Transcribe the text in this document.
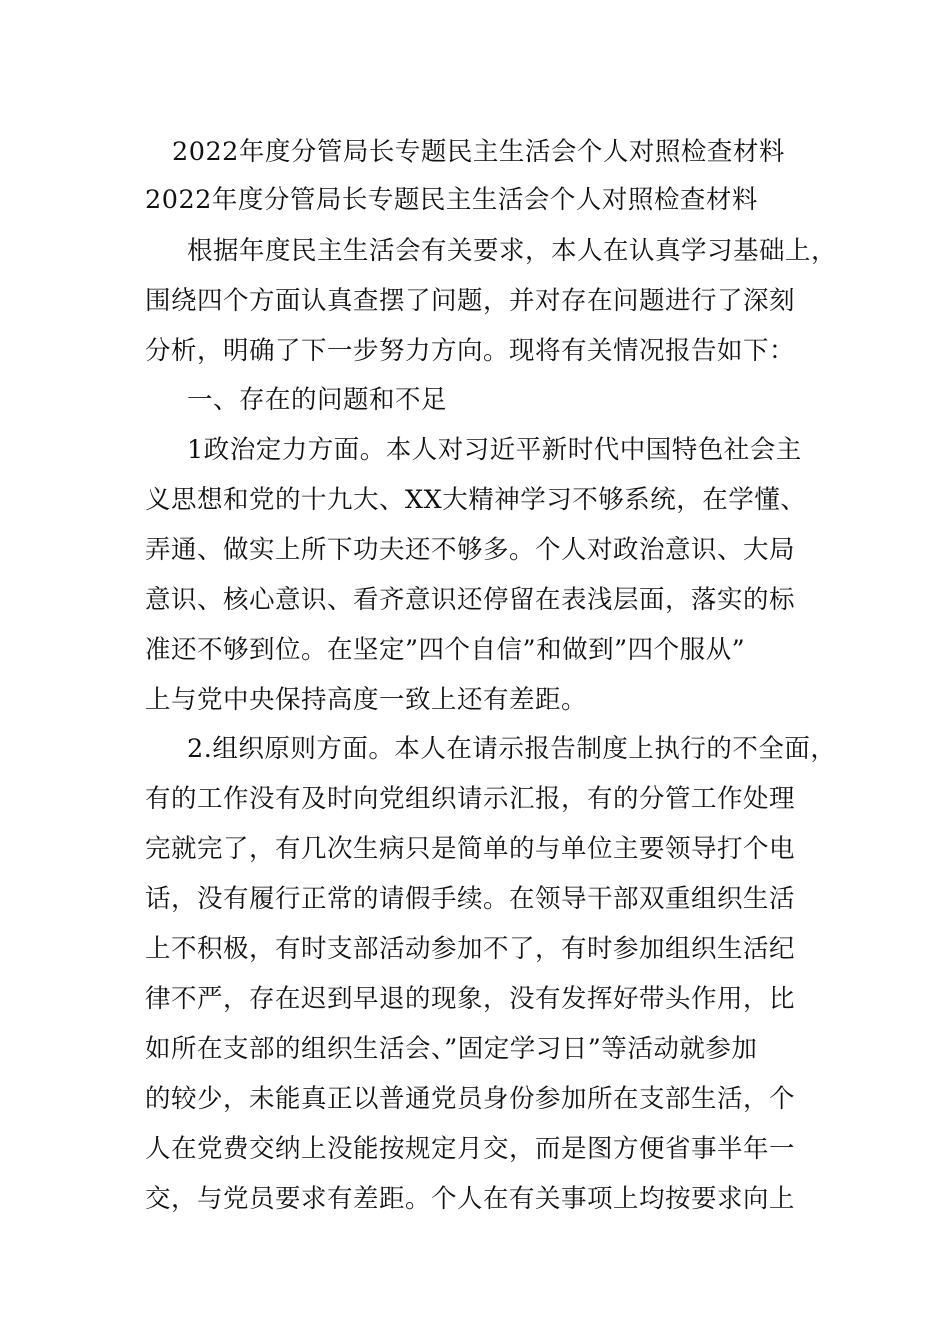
2022年度分管局长专题民主生活会个人对照检查材料
2022年度分管局长专题民主生活会个人对照检查材料
根据年度民主生活会有关要求，本人在认真学习基础上，
围绕四个方面认真查摆了问题，并对存在问题进行了深刻
分析，明确了下一步努力方向。现将有关情况报告如下：
一、存在的问题和不足
1政治定力方面。本人对习近平新时代中国特色社会主
义思想和党的十九大、XX大精神学习不够系统，在学懂、
弄通、做实上所下功夫还不够多。个人对政治意识、大局
意识、核心意识、看齐意识还停留在表浅层面，落实的标
准还不够到位。在坚定”四个自信”和做到”四个服从”
上与党中央保持高度一致上还有差距。
2.组织原则方面。本人在请示报告制度上执行的不全面，
有的工作没有及时向党组织请示汇报，有的分管工作处理
完就完了，有几次生病只是简单的与单位主要领导打个电
话，没有履行正常的请假手续。在领导干部双重组织生活
上不积极，有时支部活动参加不了，有时参加组织生活纪
律不严，存在迟到早退的现象，没有发挥好带头作用，比
如所在支部的组织生活会、”固定学习日”等活动就参加
的较少，未能真正以普通党员身份参加所在支部生活，个
人在党费交纳上没能按规定月交，而是图方便省事半年一
交，与党员要求有差距。个人在有关事项上均按要求向上
